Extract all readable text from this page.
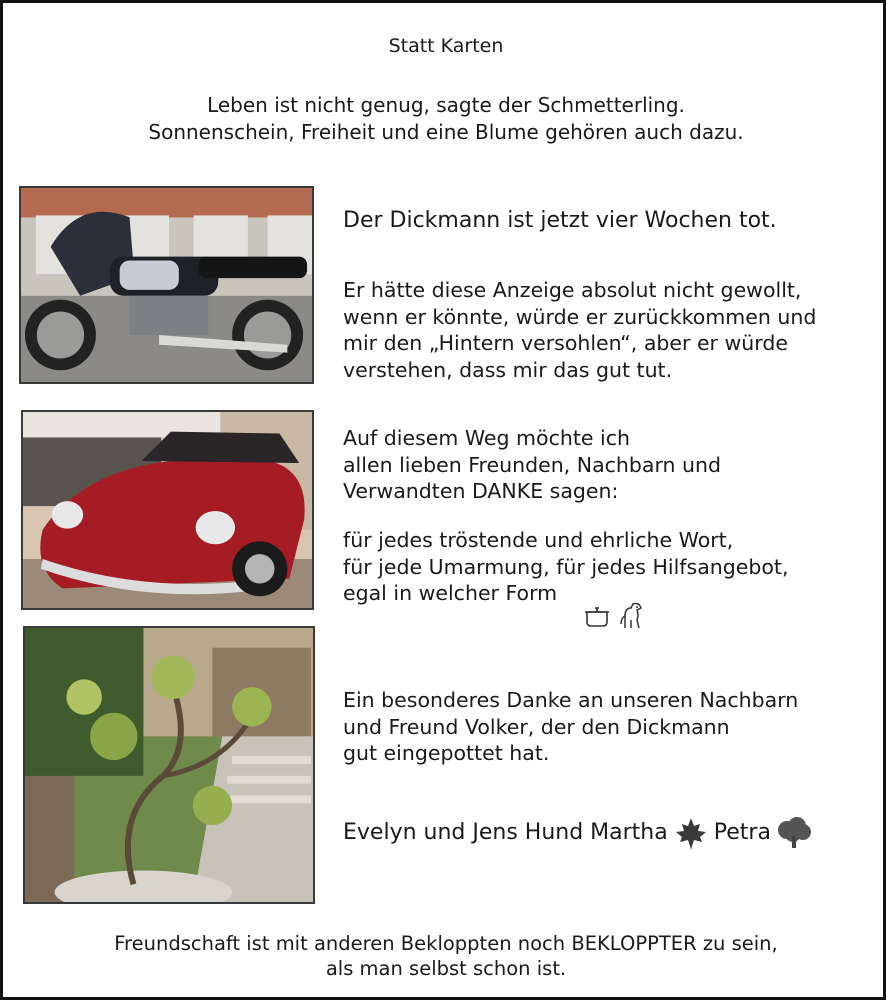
Statt Karten
Leben ist nicht genug, sagte der Schmetterling.
Sonnenschein, Freiheit und eine Blume gehören auch dazu.
Der Dickmann ist jetzt vier Wochen tot.
Er hätte diese Anzeige absolut nicht gewollt,
wenn er könnte, würde er zurückkommen und
mir den „Hintern versohlen“, aber er würde
verstehen, dass mir das gut tut.
Auf diesem Weg möchte ich
allen lieben Freunden, Nachbarn und
Verwandten DANKE sagen:
für jedes tröstende und ehrliche Wort,
für jede Umarmung, für jedes Hilfsangebot,
egal in welcher Form
Ein besonderes Danke an unseren Nachbarn
und Freund Volker, der den Dickmann
gut eingepottet hat.
Evelyn und Jens Hund Martha Petra
Freundschaft ist mit anderen Bekloppten noch BEKLOPPTER zu sein,
als man selbst schon ist.
